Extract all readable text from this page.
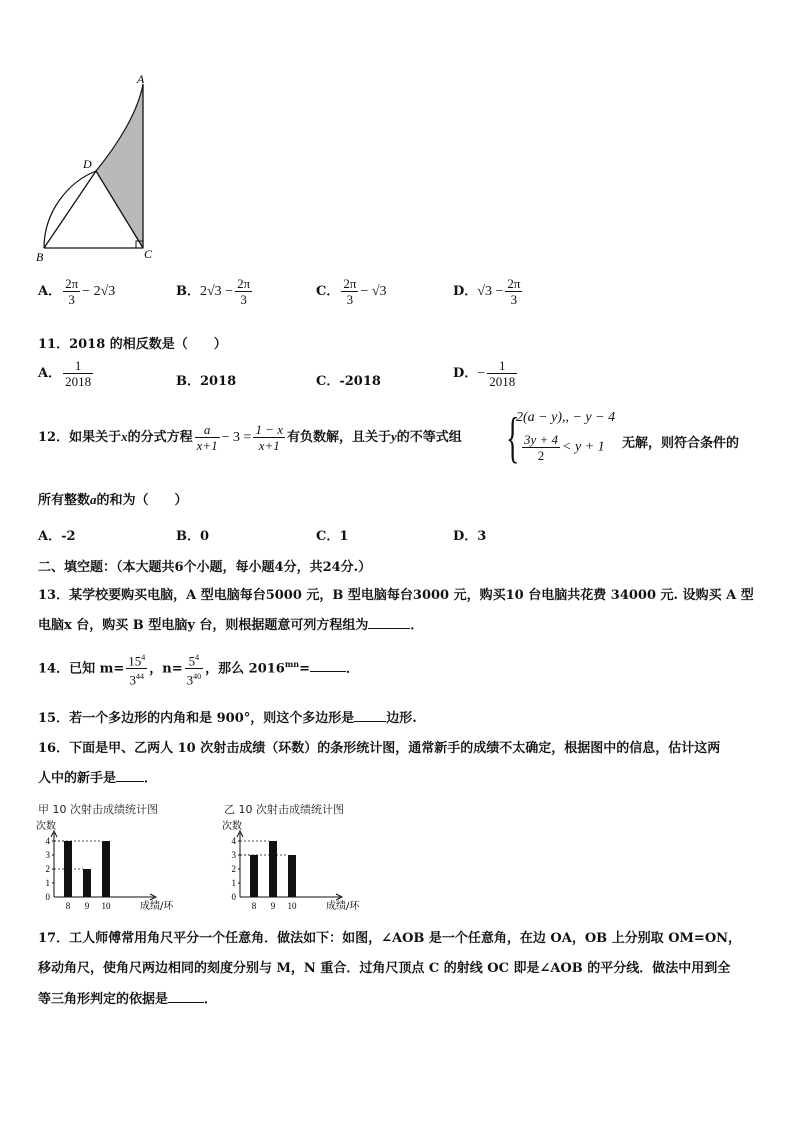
A
D
B	C
A． $\frac{2\pi}{3} - 2√3$	B．$2√3 - \frac{2\pi}{3}$	C． $\frac{2\pi}{3} - √3$	D．$√3 - \frac{2\pi}{3}$
11．2018 的相反数是（　　）
A． $\frac{1}{2018}$	B．2018	C．-2018
D．− $\frac{1}{2018}$
12．如果关于x的分式方程 $\frac{a}{x+1} - 3 = \frac{1 - x}{x+1}$ 有负数解，且关于y的不等式组 {
2(a − y),, − y − 4
$\frac{3y + 4}{2} < y + 1$ 无解，则符合条件的
所有整数a的和为（　　）
A．-2	B．0	C．1	D．3
二、填空题：（本大题共6个小题，每小题4分，共24分.）
13．某学校要购买电脑，A 型电脑每台5000 元，B 型电脑每台3000 元，购买10 台电脑共花费 34000 元. 设购买 A 型
电脑x 台，购买 B 型电脑y 台，则根据题意可列方程组为	．
14．已知 $m= \frac{15^4}{3^{44}}$ ，$n= \frac{5^4}{3^{40}}$ ，那么 $2016^{mn}=$	．
15．若一个多边形的内角和是 900°，则这个多边形是 边形.
16．下面是甲、乙两人 10 次射击成绩（环数）的条形统计图，通常新手的成绩不太确定，根据图中的信息，估计这两
人中的新手是 ．
甲 10 次射击成绩统计图
次数
0
1
2
3
4
8 9 10	成绩/环
乙 10 次射击成绩统计图
次数
0
1
2
3
4
8 9 10	成绩/环
17．工人师傅常用角尺平分一个任意角．做法如下：如图，∠AOB 是一个任意角，在边 OA，OB 上分别取 OM=ON，
移动角尺，使角尺两边相同的刻度分别与 M，N 重合．过角尺顶点 C 的射线 OC 即是∠AOB 的平分线．做法中用到全
等三角形判定的依据是	．
